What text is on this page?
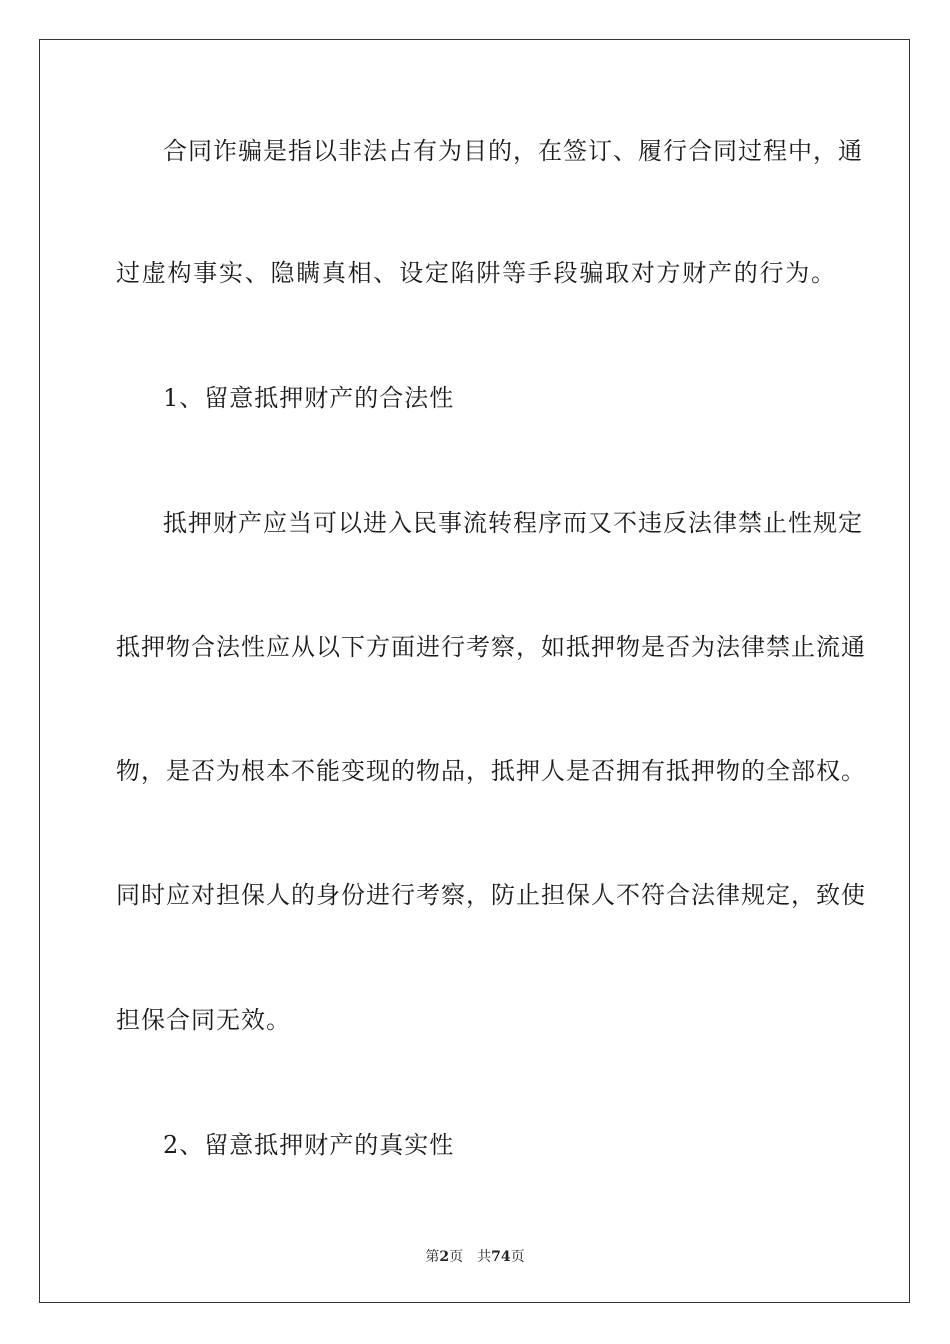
合同诈骗是指以非法占有为目的，在签订、履行合同过程中，通
过虚构事实、隐瞒真相、设定陷阱等手段骗取对方财产的行为。
1、留意抵押财产的合法性
抵押财产应当可以进入民事流转程序而又不违反法律禁止性规定
抵押物合法性应从以下方面进行考察，如抵押物是否为法律禁止流通
物，是否为根本不能变现的物品，抵押人是否拥有抵押物的全部权。
同时应对担保人的身份进行考察，防止担保人不符合法律规定，致使
担保合同无效。
2、留意抵押财产的真实性
第2页 共74页
